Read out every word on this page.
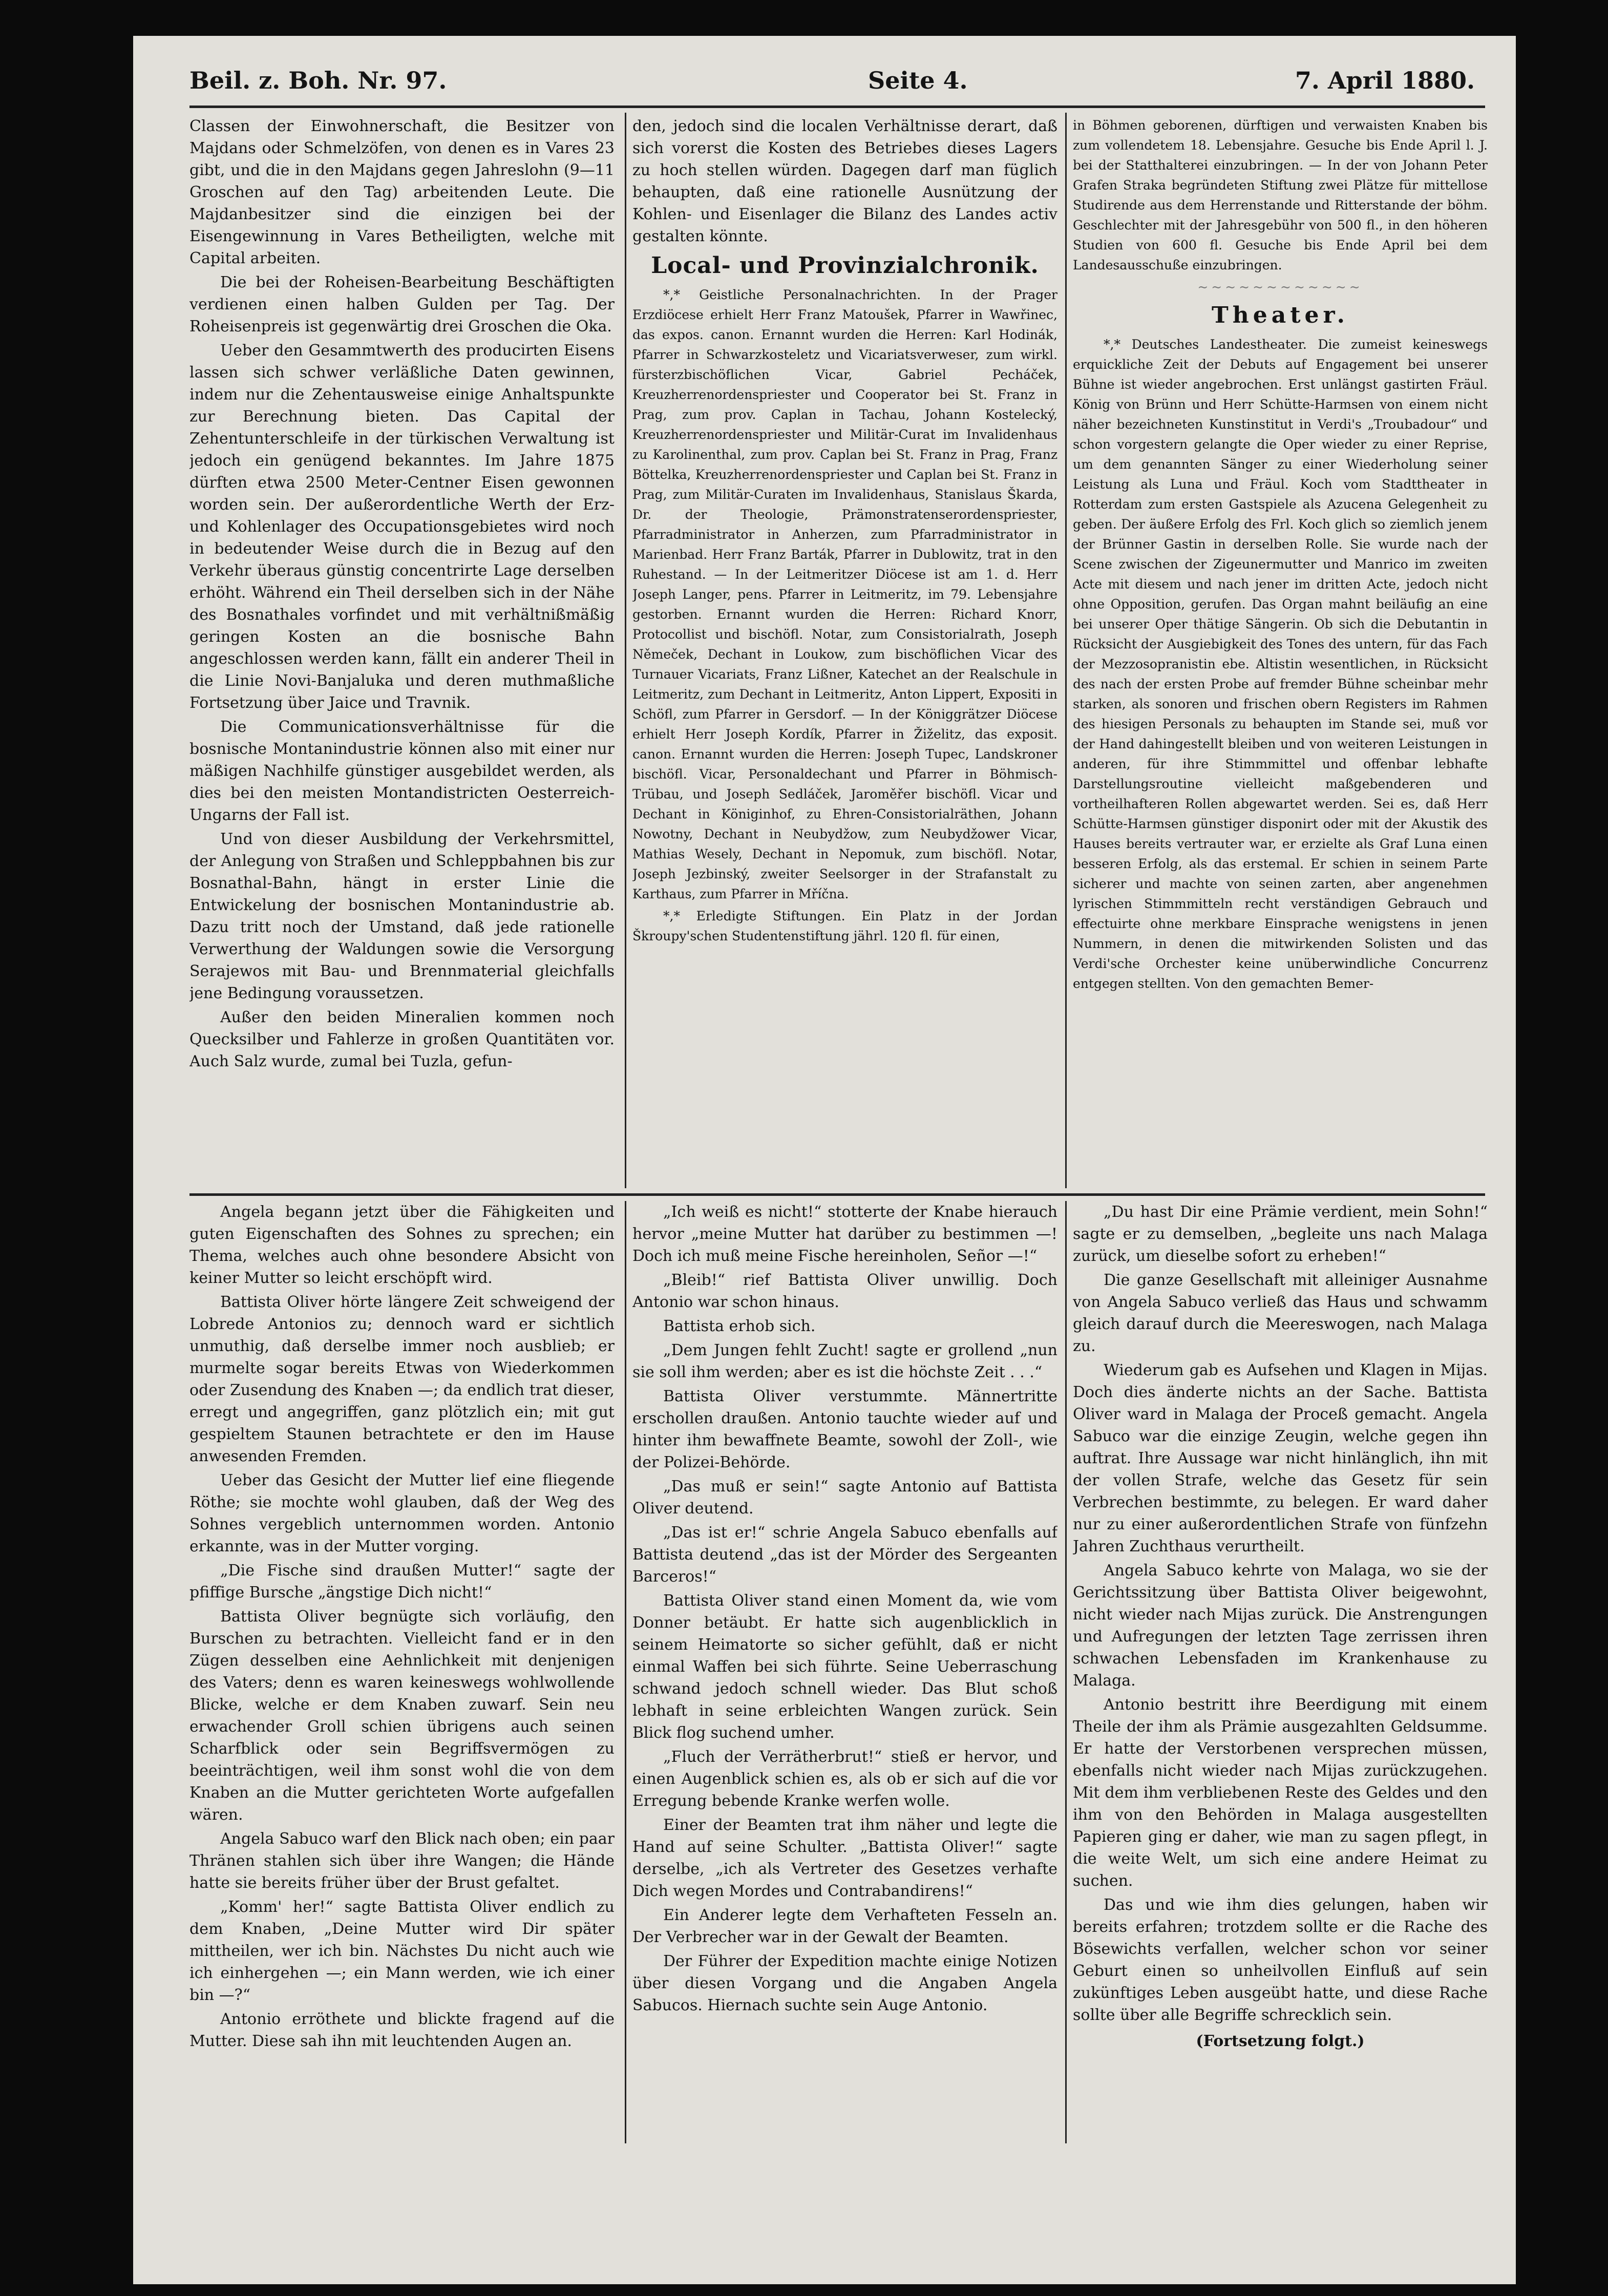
Beil. z. Boh. Nr. 97.	Seite 4.	7. April 1880.

Classen der Einwohnerschaft, die Besitzer von Majdans oder Schmelzöfen, von denen es in Vares 23 gibt, und die in den Majdans gegen Jahreslohn (9—11 Groschen auf den Tag) arbeitenden Leute. Die Majdanbesitzer sind die einzigen bei der Eisengewinnung in Vares Betheiligten, welche mit Capital arbeiten.

Die bei der Roheisen-Bearbeitung Beschäftigten verdienen einen halben Gulden per Tag. Der Roheisenpreis ist gegenwärtig drei Groschen die Oka.

Ueber den Gesammtwerth des producirten Eisens lassen sich schwer verläßliche Daten gewinnen, indem nur die Zehentausweise einige Anhaltspunkte zur Berechnung bieten. Das Capital der Zehentunterschleife in der türkischen Verwaltung ist jedoch ein genügend bekanntes. Im Jahre 1875 dürften etwa 2500 Meter-Centner Eisen gewonnen worden sein. Der außerordentliche Werth der Erz- und Kohlenlager des Occupationsgebietes wird noch in bedeutender Weise durch die in Bezug auf den Verkehr überaus günstig concentrirte Lage derselben erhöht. Während ein Theil derselben sich in der Nähe des Bosnathales vorfindet und mit verhältnißmäßig geringen Kosten an die bosnische Bahn angeschlossen werden kann, fällt ein anderer Theil in die Linie Novi-Banjaluka und deren muthmaßliche Fortsetzung über Jaice und Travnik.

Die Communicationsverhältnisse für die bosnische Montanindustrie können also mit einer nur mäßigen Nachhilfe günstiger ausgebildet werden, als dies bei den meisten Montandistricten Oesterreich-Ungarns der Fall ist.

Und von dieser Ausbildung der Verkehrsmittel, der Anlegung von Straßen und Schleppbahnen bis zur Bosnathal-Bahn, hängt in erster Linie die Entwickelung der bosnischen Montanindustrie ab. Dazu tritt noch der Umstand, daß jede rationelle Verwerthung der Waldungen sowie die Versorgung Serajewos mit Bau- und Brennmaterial gleichfalls jene Bedingung voraussetzen.

Außer den beiden Mineralien kommen noch Quecksilber und Fahlerze in großen Quantitäten vor. Auch Salz wurde, zumal bei Tuzla, gefun-

den, jedoch sind die localen Verhältnisse derart, daß sich vorerst die Kosten des Betriebes dieses Lagers zu hoch stellen würden. Dagegen darf man füglich behaupten, daß eine rationelle Ausnützung der Kohlen- und Eisenlager die Bilanz des Landes activ gestalten könnte.

Local- und Provinzialchronik.

*,* Geistliche Personalnachrichten. In der Prager Erzdiöcese erhielt Herr Franz Matoušek, Pfarrer in Wawřinec, das expos. canon. Ernannt wurden die Herren: Karl Hodinák, Pfarrer in Schwarzkosteletz und Vicariatsverweser, zum wirkl. fürsterzbischöflichen Vicar, Gabriel Pecháček, Kreuzherrenordenspriester und Cooperator bei St. Franz in Prag, zum prov. Caplan in Tachau, Johann Kostelecký, Kreuzherrenordenspriester und Militär-Curat im Invalidenhaus zu Karolinenthal, zum prov. Caplan bei St. Franz in Prag, Franz Böttelka, Kreuzherrenordenspriester und Caplan bei St. Franz in Prag, zum Militär-Curaten im Invalidenhaus, Stanislaus Škarda, Dr. der Theologie, Prämonstratenserordenspriester, Pfarradministrator in Anherzen, zum Pfarradministrator in Marienbad. Herr Franz Barták, Pfarrer in Dublowitz, trat in den Ruhestand. — In der Leitmeritzer Diöcese ist am 1. d. Herr Joseph Langer, pens. Pfarrer in Leitmeritz, im 79. Lebensjahre gestorben. Ernannt wurden die Herren: Richard Knorr, Protocollist und bischöfl. Notar, zum Consistorialrath, Joseph Němeček, Dechant in Loukow, zum bischöflichen Vicar des Turnauer Vicariats, Franz Lißner, Katechet an der Realschule in Leitmeritz, zum Dechant in Leitmeritz, Anton Lippert, Expositi in Schöfl, zum Pfarrer in Gersdorf. — In der Königgrätzer Diöcese erhielt Herr Joseph Kordík, Pfarrer in Žiželitz, das exposit. canon. Ernannt wurden die Herren: Joseph Tupec, Landskroner bischöfl. Vicar, Personaldechant und Pfarrer in Böhmisch-Trübau, und Joseph Sedláček, Jaroměřer bischöfl. Vicar und Dechant in Königinhof, zu Ehren-Consistorialräthen, Johann Nowotny, Dechant in Neubydžow, zum Neubydžower Vicar, Mathias Wesely, Dechant in Nepomuk, zum bischöfl. Notar, Joseph Jezbinský, zweiter Seelsorger in der Strafanstalt zu Karthaus, zum Pfarrer in Mříčna.

*,* Erledigte Stiftungen. Ein Platz in der Jordan Škroupy'schen Studentenstiftung jährl. 120 fl. für einen,

in Böhmen geborenen, dürftigen und verwaisten Knaben bis zum vollendetem 18. Lebensjahre. Gesuche bis Ende April l. J. bei der Statthalterei einzubringen. — In der von Johann Peter Grafen Straka begründeten Stiftung zwei Plätze für mittellose Studirende aus dem Herrenstande und Ritterstande der böhm. Geschlechter mit der Jahresgebühr von 500 fl., in den höheren Studien von 600 fl. Gesuche bis Ende April bei dem Landesausschuße einzubringen.

~~~~~~~~~~~~
Theater.

*,* Deutsches Landestheater. Die zumeist keineswegs erquickliche Zeit der Debuts auf Engagement bei unserer Bühne ist wieder angebrochen. Erst unlängst gastirten Fräul. König von Brünn und Herr Schütte-Harmsen von einem nicht näher bezeichneten Kunstinstitut in Verdi's „Troubadour“ und schon vorgestern gelangte die Oper wieder zu einer Reprise, um dem genannten Sänger zu einer Wiederholung seiner Leistung als Luna und Fräul. Koch vom Stadttheater in Rotterdam zum ersten Gastspiele als Azucena Gelegenheit zu geben. Der äußere Erfolg des Frl. Koch glich so ziemlich jenem der Brünner Gastin in derselben Rolle. Sie wurde nach der Scene zwischen der Zigeunermutter und Manrico im zweiten Acte mit diesem und nach jener im dritten Acte, jedoch nicht ohne Opposition, gerufen. Das Organ mahnt beiläufig an eine bei unserer Oper thätige Sängerin. Ob sich die Debutantin in Rücksicht der Ausgiebigkeit des Tones des untern, für das Fach der Mezzosopranistin ebe. Altistin wesentlichen, in Rücksicht des nach der ersten Probe auf fremder Bühne scheinbar mehr starken, als sonoren und frischen obern Registers im Rahmen des hiesigen Personals zu behaupten im Stande sei, muß vor der Hand dahingestellt bleiben und von weiteren Leistungen in anderen, für ihre Stimmmittel und offenbar lebhafte Darstellungsroutine vielleicht maßgebenderen und vortheilhafteren Rollen abgewartet werden. Sei es, daß Herr Schütte-Harmsen günstiger disponirt oder mit der Akustik des Hauses bereits vertrauter war, er erzielte als Graf Luna einen besseren Erfolg, als das erstemal. Er schien in seinem Parte sicherer und machte von seinen zarten, aber angenehmen lyrischen Stimmmitteln recht verständigen Gebrauch und effectuirte ohne merkbare Einsprache wenigstens in jenen Nummern, in denen die mitwirkenden Solisten und das Verdi'sche Orchester keine unüberwindliche Concurrenz entgegen stellten. Von den gemachten Bemer-

Angela begann jetzt über die Fähigkeiten und guten Eigenschaften des Sohnes zu sprechen; ein Thema, welches auch ohne besondere Absicht von keiner Mutter so leicht erschöpft wird.

Battista Oliver hörte längere Zeit schweigend der Lobrede Antonios zu; dennoch ward er sichtlich unmuthig, daß derselbe immer noch ausblieb; er murmelte sogar bereits Etwas von Wiederkommen oder Zusendung des Knaben —; da endlich trat dieser, erregt und angegriffen, ganz plötzlich ein; mit gut gespieltem Staunen betrachtete er den im Hause anwesenden Fremden.

Ueber das Gesicht der Mutter lief eine fliegende Röthe; sie mochte wohl glauben, daß der Weg des Sohnes vergeblich unternommen worden. Antonio erkannte, was in der Mutter vorging.

„Die Fische sind draußen Mutter!“ sagte der pfiffige Bursche „ängstige Dich nicht!“

Battista Oliver begnügte sich vorläufig, den Burschen zu betrachten. Vielleicht fand er in den Zügen desselben eine Aehnlichkeit mit denjenigen des Vaters; denn es waren keineswegs wohlwollende Blicke, welche er dem Knaben zuwarf. Sein neu erwachender Groll schien übrigens auch seinen Scharfblick oder sein Begriffsvermögen zu beeinträchtigen, weil ihm sonst wohl die von dem Knaben an die Mutter gerichteten Worte aufgefallen wären.

Angela Sabuco warf den Blick nach oben; ein paar Thränen stahlen sich über ihre Wangen; die Hände hatte sie bereits früher über der Brust gefaltet.

„Komm' her!“ sagte Battista Oliver endlich zu dem Knaben, „Deine Mutter wird Dir später mittheilen, wer ich bin. Nächstes Du nicht auch wie ich einhergehen —; ein Mann werden, wie ich einer bin —?“

Antonio erröthete und blickte fragend auf die Mutter. Diese sah ihn mit leuchtenden Augen an.

„Ich weiß es nicht!“ stotterte der Knabe hierauch hervor „meine Mutter hat darüber zu bestimmen —! Doch ich muß meine Fische hereinholen, Señor —!“

„Bleib!“ rief Battista Oliver unwillig. Doch Antonio war schon hinaus.

Battista erhob sich.

„Dem Jungen fehlt Zucht! sagte er grollend „nun sie soll ihm werden; aber es ist die höchste Zeit . . .“

Battista Oliver verstummte. Männertritte erschollen draußen. Antonio tauchte wieder auf und hinter ihm bewaffnete Beamte, sowohl der Zoll-, wie der Polizei-Behörde.

„Das muß er sein!“ sagte Antonio auf Battista Oliver deutend.

„Das ist er!“ schrie Angela Sabuco ebenfalls auf Battista deutend „das ist der Mörder des Sergeanten Barceros!“

Battista Oliver stand einen Moment da, wie vom Donner betäubt. Er hatte sich augenblicklich in seinem Heimatorte so sicher gefühlt, daß er nicht einmal Waffen bei sich führte. Seine Ueberraschung schwand jedoch schnell wieder. Das Blut schoß lebhaft in seine erbleichten Wangen zurück. Sein Blick flog suchend umher.

„Fluch der Verrätherbrut!“ stieß er hervor, und einen Augenblick schien es, als ob er sich auf die vor Erregung bebende Kranke werfen wolle.

Einer der Beamten trat ihm näher und legte die Hand auf seine Schulter. „Battista Oliver!“ sagte derselbe, „ich als Vertreter des Gesetzes verhafte Dich wegen Mordes und Contrabandirens!“

Ein Anderer legte dem Verhafteten Fesseln an. Der Verbrecher war in der Gewalt der Beamten.

Der Führer der Expedition machte einige Notizen über diesen Vorgang und die Angaben Angela Sabucos. Hiernach suchte sein Auge Antonio.

„Du hast Dir eine Prämie verdient, mein Sohn!“ sagte er zu demselben, „begleite uns nach Malaga zurück, um dieselbe sofort zu erheben!“

Die ganze Gesellschaft mit alleiniger Ausnahme von Angela Sabuco verließ das Haus und schwamm gleich darauf durch die Meereswogen, nach Malaga zu.

Wiederum gab es Aufsehen und Klagen in Mijas. Doch dies änderte nichts an der Sache. Battista Oliver ward in Malaga der Proceß gemacht. Angela Sabuco war die einzige Zeugin, welche gegen ihn auftrat. Ihre Aussage war nicht hinlänglich, ihn mit der vollen Strafe, welche das Gesetz für sein Verbrechen bestimmte, zu belegen. Er ward daher nur zu einer außerordentlichen Strafe von fünfzehn Jahren Zuchthaus verurtheilt.

Angela Sabuco kehrte von Malaga, wo sie der Gerichtssitzung über Battista Oliver beigewohnt, nicht wieder nach Mijas zurück. Die Anstrengungen und Aufregungen der letzten Tage zerrissen ihren schwachen Lebensfaden im Krankenhause zu Malaga.

Antonio bestritt ihre Beerdigung mit einem Theile der ihm als Prämie ausgezahlten Geldsumme. Er hatte der Verstorbenen versprechen müssen, ebenfalls nicht wieder nach Mijas zurückzugehen. Mit dem ihm verbliebenen Reste des Geldes und den ihm von den Behörden in Malaga ausgestellten Papieren ging er daher, wie man zu sagen pflegt, in die weite Welt, um sich eine andere Heimat zu suchen.

Das und wie ihm dies gelungen, haben wir bereits erfahren; trotzdem sollte er die Rache des Bösewichts verfallen, welcher schon vor seiner Geburt einen so unheilvollen Einfluß auf sein zukünftiges Leben ausgeübt hatte, und diese Rache sollte über alle Begriffe schrecklich sein.

(Fortsetzung folgt.)
